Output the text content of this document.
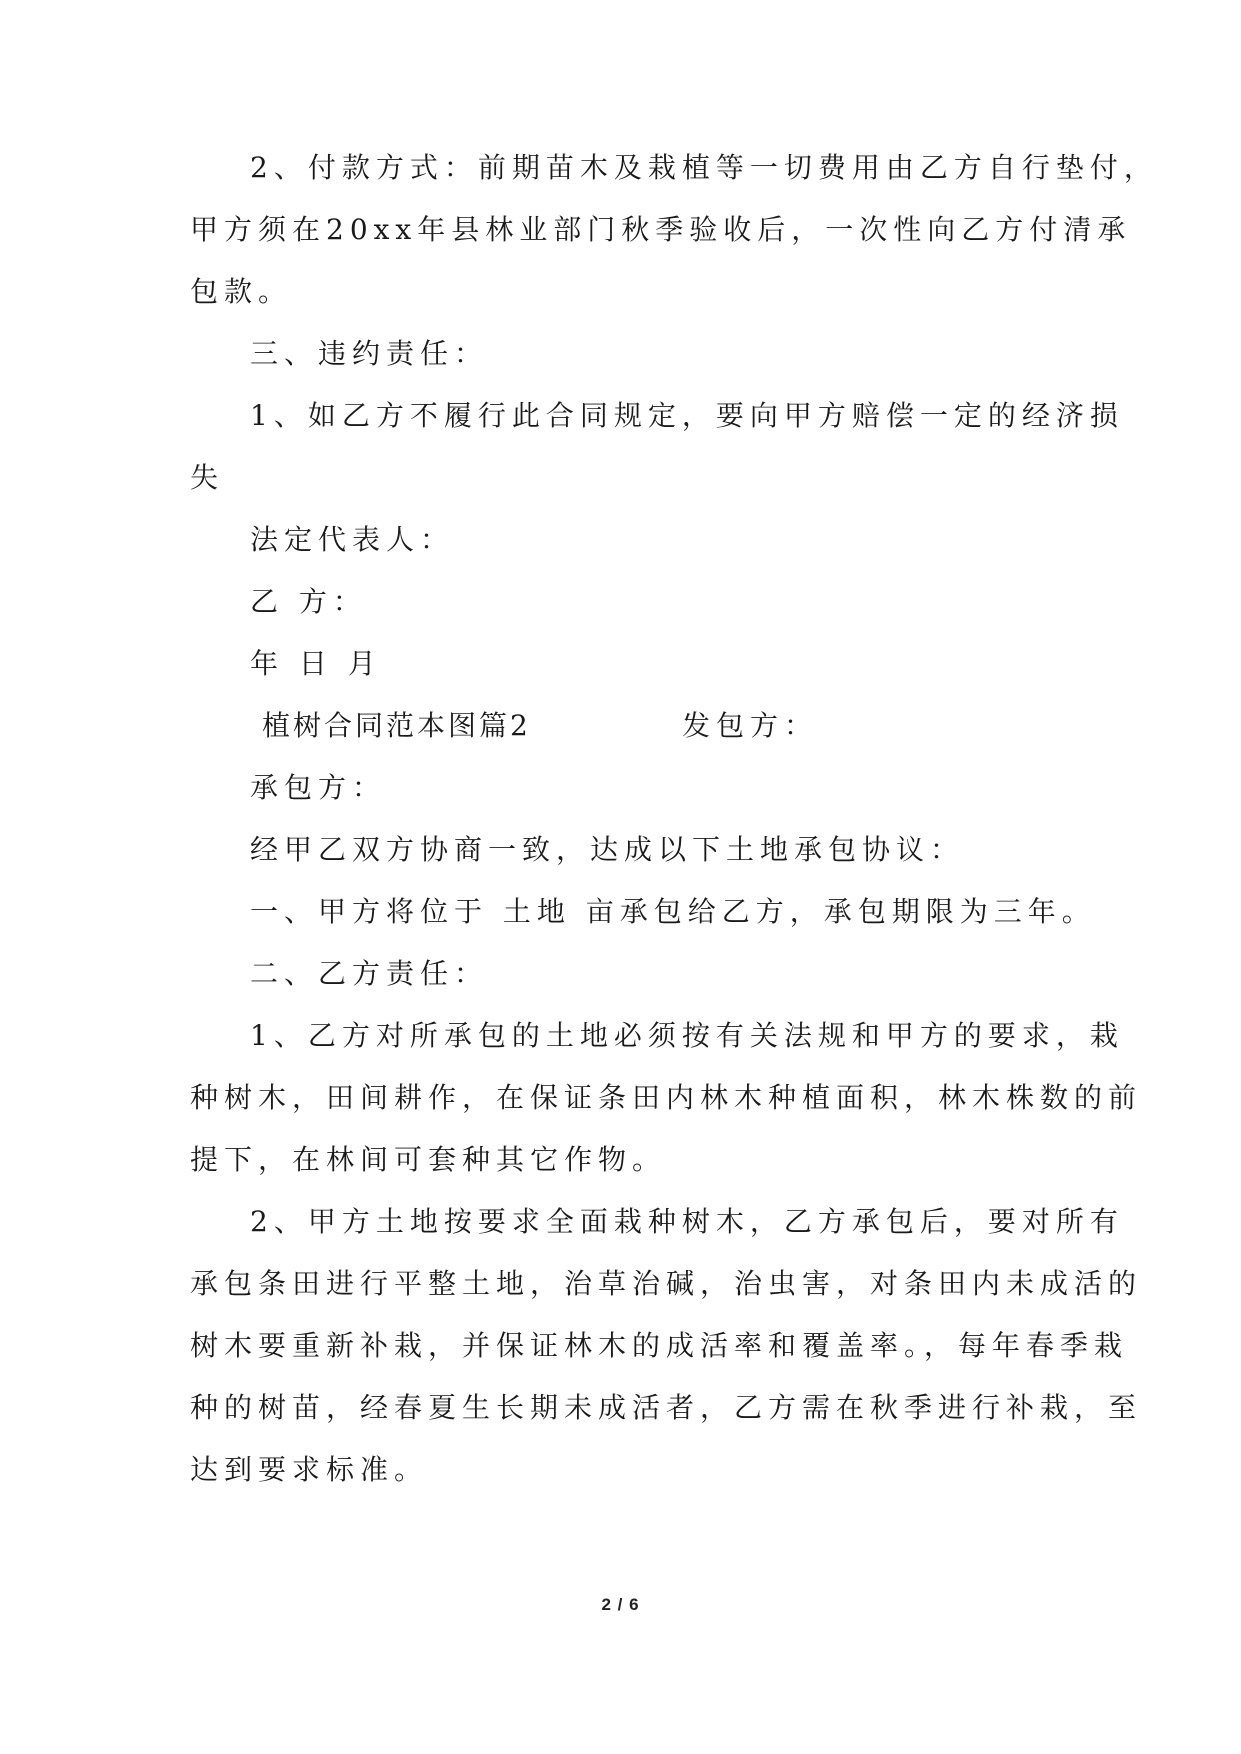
2、付款方式：前期苗木及栽植等一切费用由乙方自行垫付，
甲方须在20xx年县林业部门秋季验收后，一次性向乙方付清承
包款。
三、违约责任：
1、如乙方不履行此合同规定，要向甲方赔偿一定的经济损
失
法定代表人：
乙 方：
年 日 月
植树合同范本图篇2	发包方：
承包方：
经甲乙双方协商一致，达成以下土地承包协议：
一、甲方将位于 土地 亩承包给乙方，承包期限为三年。
二、乙方责任：
1、乙方对所承包的土地必须按有关法规和甲方的要求，栽
种树木，田间耕作，在保证条田内林木种植面积，林木株数的前
提下，在林间可套种其它作物。
2、甲方土地按要求全面栽种树木，乙方承包后，要对所有
承包条田进行平整土地，治草治碱，治虫害，对条田内未成活的
树木要重新补栽，并保证林木的成活率和覆盖率。，每年春季栽
种的树苗，经春夏生长期未成活者，乙方需在秋季进行补栽，至
达到要求标准。
2 / 6
